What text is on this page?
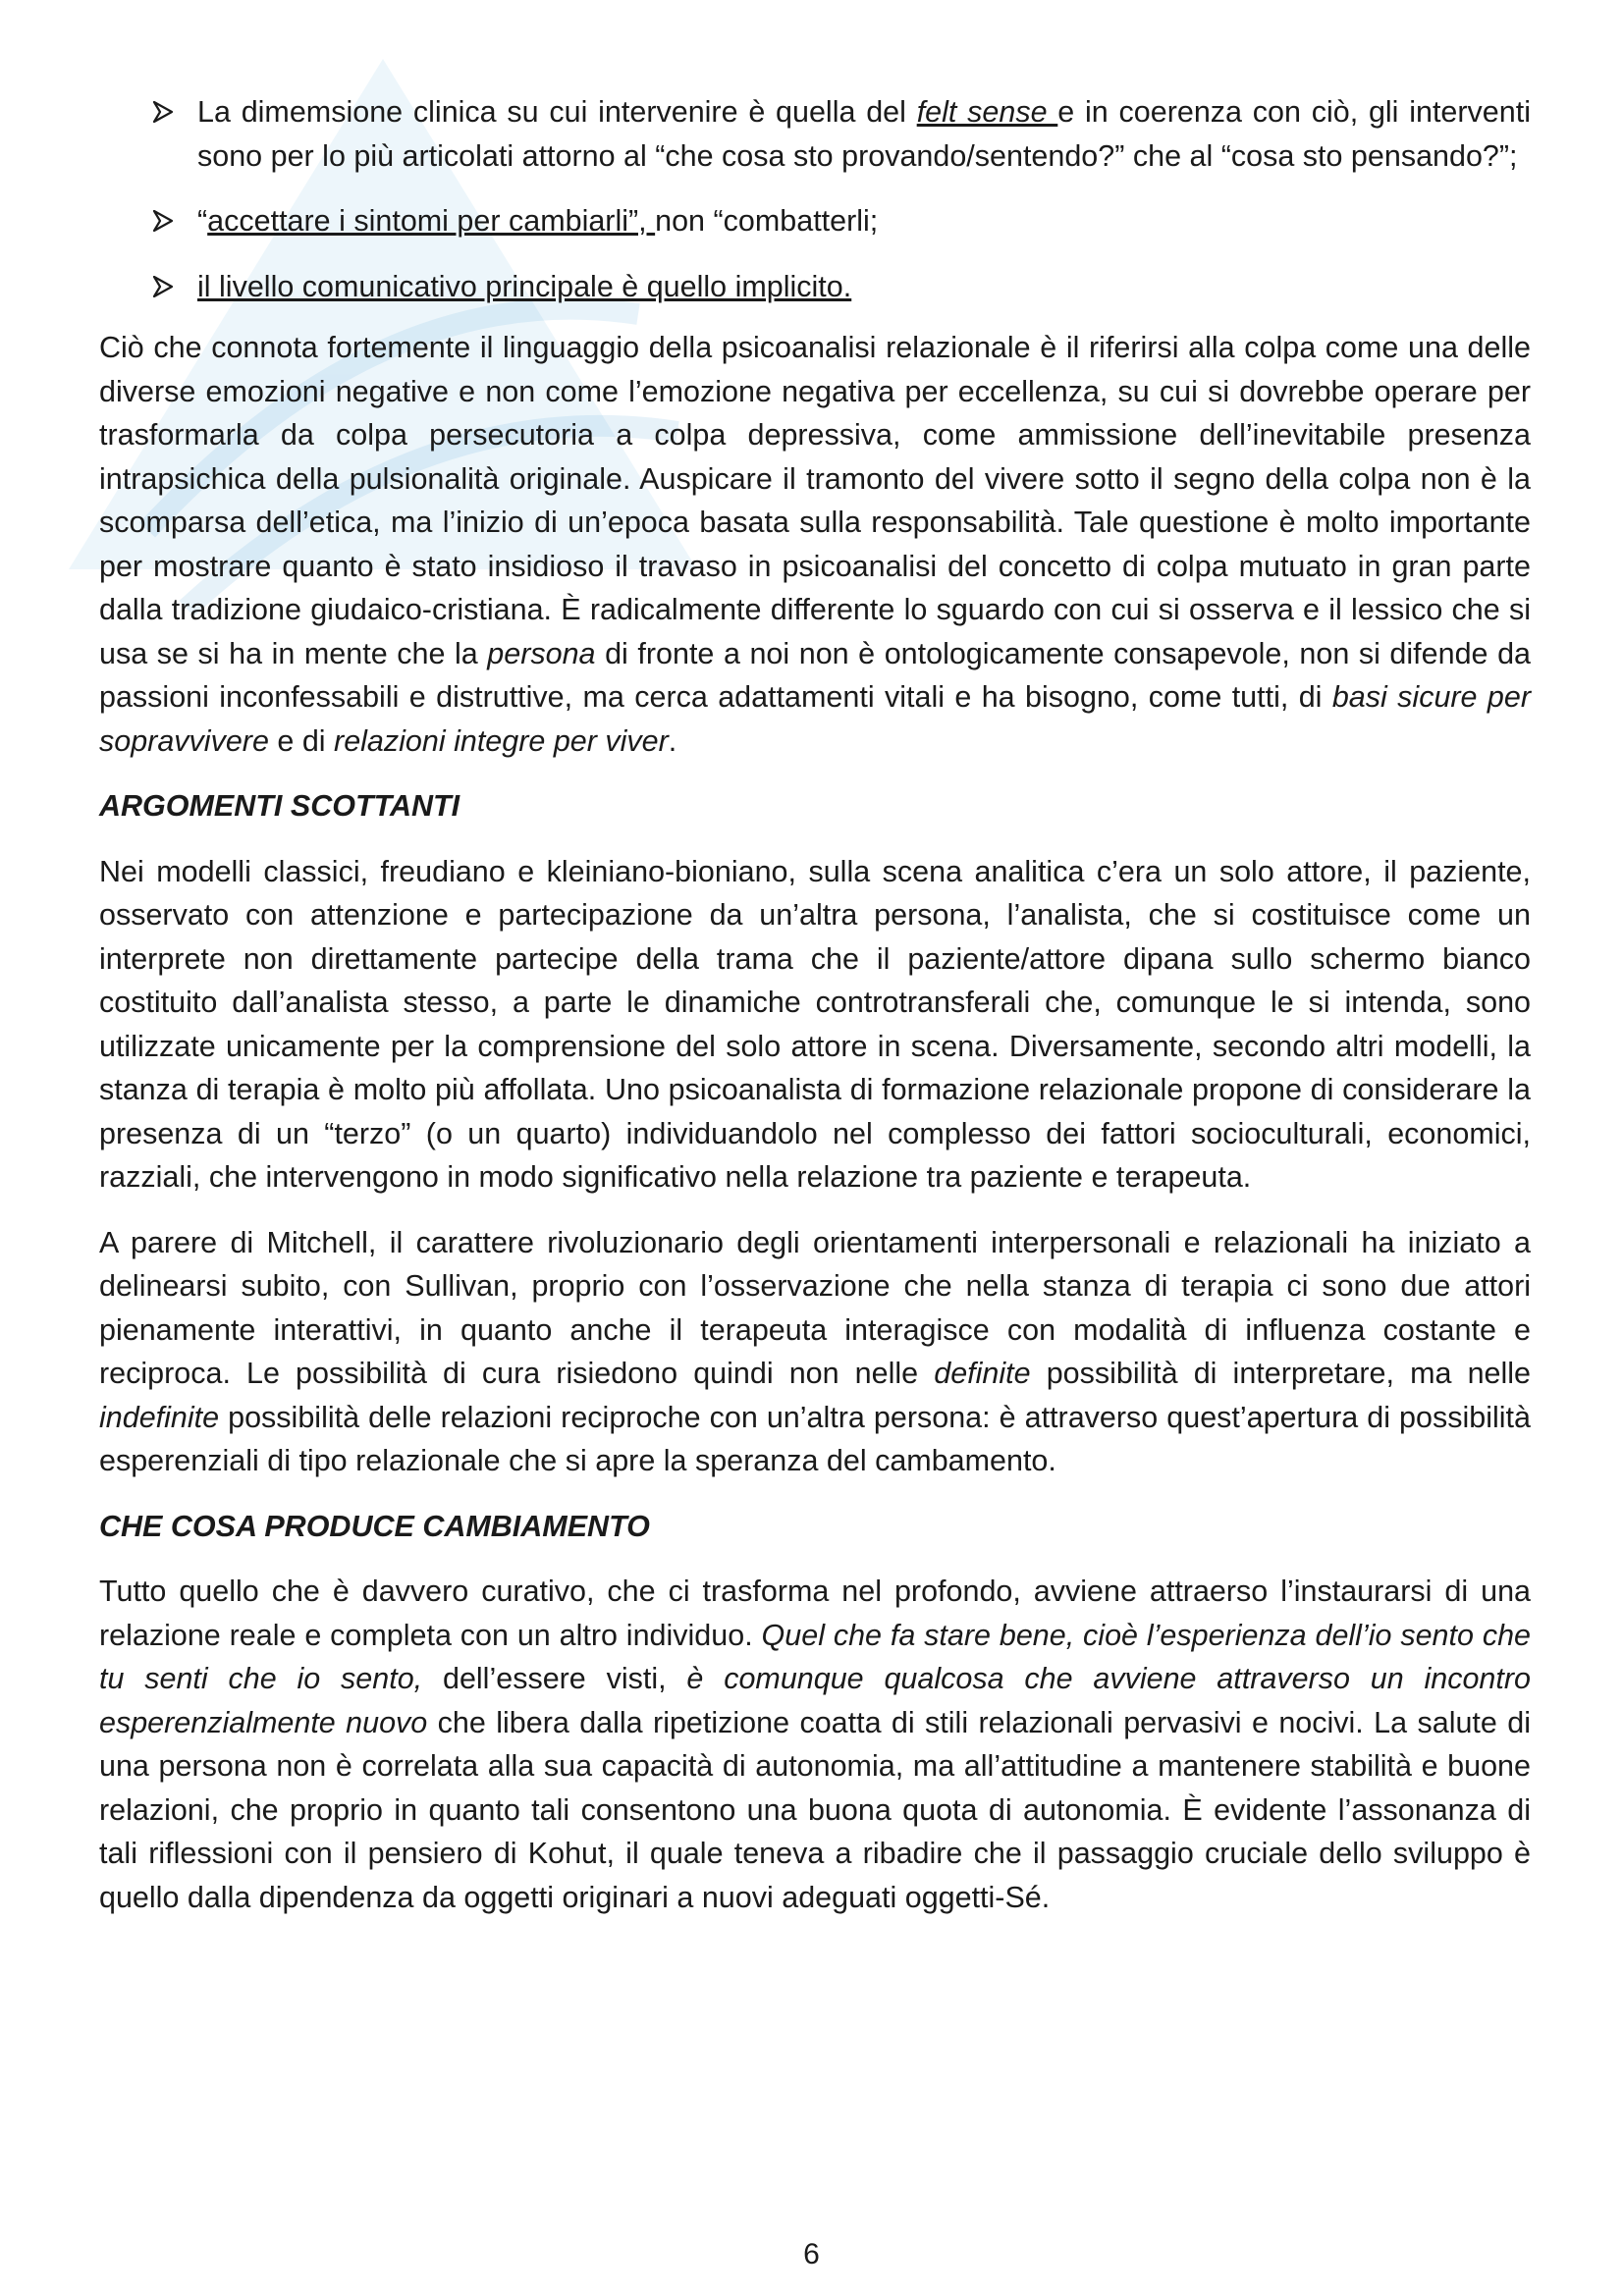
La dimemsione clinica su cui intervenire è quella del felt sense e in coerenza con ciò, gli interventi sono per lo più articolati attorno al “che cosa sto provando/sentendo?” che al “cosa sto pensando?”;
“accettare i sintomi per cambiarli”, non “combatterli;
il livello comunicativo principale è quello implicito.

Ciò che connota fortemente il linguaggio della psicoanalisi relazionale è il riferirsi alla colpa come una delle diverse emozioni negative e non come l’emozione negativa per eccellenza, su cui si dovrebbe operare per trasformarla da colpa persecutoria a colpa depressiva, come ammissione dell’inevitabile presenza intrapsichica della pulsionalità originale. Auspicare il tramonto del vivere sotto il segno della colpa non è la scomparsa dell’etica, ma l’inizio di un’epoca basata sulla responsabilità. Tale questione è molto importante per mostrare quanto è stato insidioso il travaso in psicoanalisi del concetto di colpa mutuato in gran parte dalla tradizione giudaico-cristiana. È radicalmente differente lo sguardo con cui si osserva e il lessico che si usa se si ha in mente che la persona di fronte a noi non è ontologicamente consapevole, non si difende da passioni inconfessabili e distruttive, ma cerca adattamenti vitali e ha bisogno, come tutti, di basi sicure per sopravvivere e di relazioni integre per viver.

ARGOMENTI SCOTTANTI

Nei modelli classici, freudiano e kleiniano-bioniano, sulla scena analitica c’era un solo attore, il paziente, osservato con attenzione e partecipazione da un’altra persona, l’analista, che si costituisce come un interprete non direttamente partecipe della trama che il paziente/attore dipana sullo schermo bianco costituito dall’analista stesso, a parte le dinamiche controtransferali che, comunque le si intenda, sono utilizzate unicamente per la comprensione del solo attore in scena. Diversamente, secondo altri modelli, la stanza di terapia è molto più affollata. Uno psicoanalista di formazione relazionale propone di considerare la presenza di un “terzo” (o un quarto) individuandolo nel complesso dei fattori socioculturali, economici, razziali, che intervengono in modo significativo nella relazione tra paziente e terapeuta.

A parere di Mitchell, il carattere rivoluzionario degli orientamenti interpersonali e relazionali ha iniziato a delinearsi subito, con Sullivan, proprio con l’osservazione che nella stanza di terapia ci sono due attori pienamente interattivi, in quanto anche il terapeuta interagisce con modalità di influenza costante e reciproca. Le possibilità di cura risiedono quindi non nelle definite possibilità di interpretare, ma nelle indefinite possibilità delle relazioni reciproche con un’altra persona: è attraverso quest’apertura di possibilità esperenziali di tipo relazionale che si apre la speranza del cambamento.

CHE COSA PRODUCE CAMBIAMENTO

Tutto quello che è davvero curativo, che ci trasforma nel profondo, avviene attraerso l’instaurarsi di una relazione reale e completa con un altro individuo. Quel che fa stare bene, cioè l’esperienza dell’io sento che tu senti che io sento, dell’essere visti, è comunque qualcosa che avviene attraverso un incontro esperenzialmente nuovo che libera dalla ripetizione coatta di stili relazionali pervasivi e nocivi. La salute di una persona non è correlata alla sua capacità di autonomia, ma all’attitudine a mantenere stabilità e buone relazioni, che proprio in quanto tali consentono una buona quota di autonomia. È evidente l’assonanza di tali riflessioni con il pensiero di Kohut, il quale teneva a ribadire che il passaggio cruciale dello sviluppo è quello dalla dipendenza da oggetti originari a nuovi adeguati oggetti-Sé.

6
